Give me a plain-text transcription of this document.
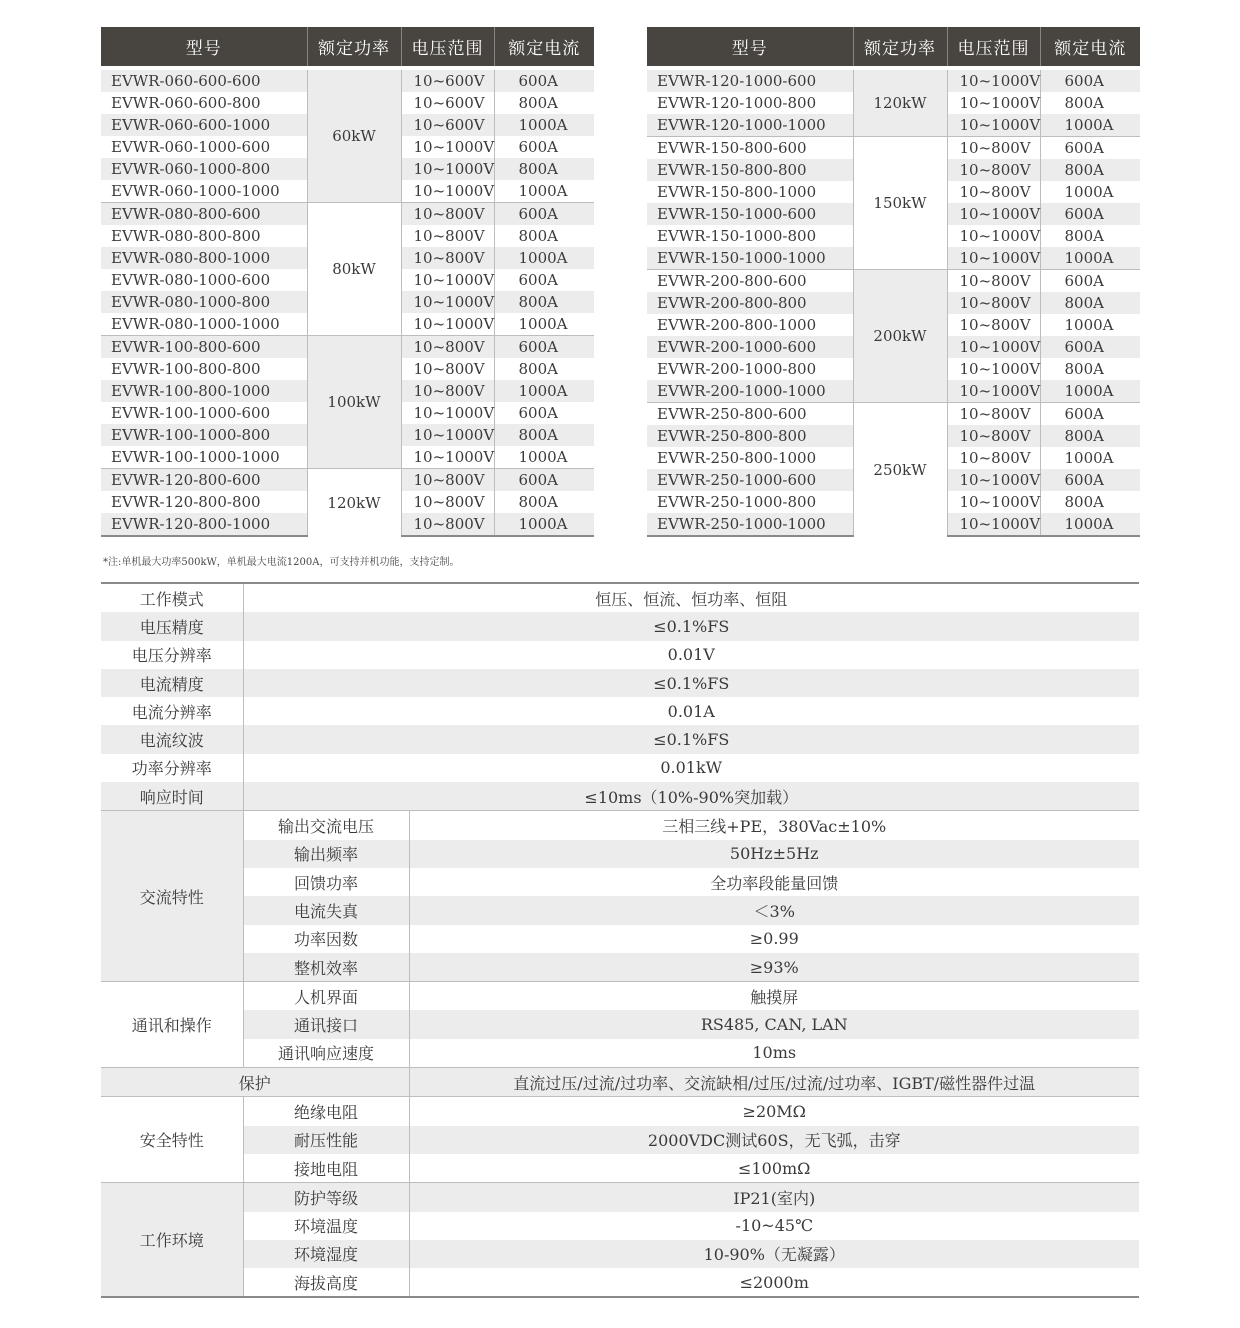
型号	额定功率	电压范围	额定电流

EVWR-060-600-600	60kW	10~600V	600A
EVWR-060-600-800		10~600V	800A
EVWR-060-600-1000		10~600V	1000A
EVWR-060-1000-600		10~1000V	600A
EVWR-060-1000-800		10~1000V	800A
EVWR-060-1000-1000		10~1000V	1000A
EVWR-080-800-600	80kW	10~800V	600A
EVWR-080-800-800		10~800V	800A
EVWR-080-800-1000		10~800V	1000A
EVWR-080-1000-600		10~1000V	600A
EVWR-080-1000-800		10~1000V	800A
EVWR-080-1000-1000		10~1000V	1000A
EVWR-100-800-600	100kW	10~800V	600A
EVWR-100-800-800		10~800V	800A
EVWR-100-800-1000		10~800V	1000A
EVWR-100-1000-600		10~1000V	600A
EVWR-100-1000-800		10~1000V	800A
EVWR-100-1000-1000		10~1000V	1000A
EVWR-120-800-600	120kW	10~800V	600A
EVWR-120-800-800		10~800V	800A
EVWR-120-800-1000		10~800V	1000A
型号	额定功率	电压范围	额定电流

EVWR-120-1000-600	120kW	10~1000V	600A
EVWR-120-1000-800		10~1000V	800A
EVWR-120-1000-1000		10~1000V	1000A
EVWR-150-800-600	150kW	10~800V	600A
EVWR-150-800-800		10~800V	800A
EVWR-150-800-1000		10~800V	1000A
EVWR-150-1000-600		10~1000V	600A
EVWR-150-1000-800		10~1000V	800A
EVWR-150-1000-1000		10~1000V	1000A
EVWR-200-800-600	200kW	10~800V	600A
EVWR-200-800-800		10~800V	800A
EVWR-200-800-1000		10~800V	1000A
EVWR-200-1000-600		10~1000V	600A
EVWR-200-1000-800		10~1000V	800A
EVWR-200-1000-1000		10~1000V	1000A
EVWR-250-800-600	250kW	10~800V	600A
EVWR-250-800-800		10~800V	800A
EVWR-250-800-1000		10~800V	1000A
EVWR-250-1000-600		10~1000V	600A
EVWR-250-1000-800		10~1000V	800A
EVWR-250-1000-1000		10~1000V	1000A
*注:单机最大功率500kW，单机最大电流1200A，可支持并机功能，支持定制。
工作模式	恒压、恒流、恒功率、恒阻	
电压精度	≤0.1%FS	
电压分辨率	0.01V	
电流精度	≤0.1%FS	
电流分辨率	0.01A	
电流纹波	≤0.1%FS	
功率分辨率	0.01kW	
响应时间	≤10ms（10%-90%突加载）	
交流特性	输出交流电压	三相三线+PE，380Vac±10%
	输出频率	50Hz±5Hz
	回馈功率	全功率段能量回馈
	电流失真	＜3%
	功率因数	≥0.99
	整机效率	≥93%
通讯和操作	人机界面	触摸屏
	通讯接口	RS485, CAN, LAN
	通讯响应速度	10ms
保护		直流过压/过流/过功率、交流缺相/过压/过流/过功率、IGBT/磁性器件过温
安全特性	绝缘电阻	≥20MΩ
	耐压性能	2000VDC测试60S，无飞弧，击穿
	接地电阻	≤100mΩ
工作环境	防护等级	IP21(室内)
	环境温度	-10~45℃
	环境湿度	10-90%（无凝露）
	海拔高度	≤2000m
